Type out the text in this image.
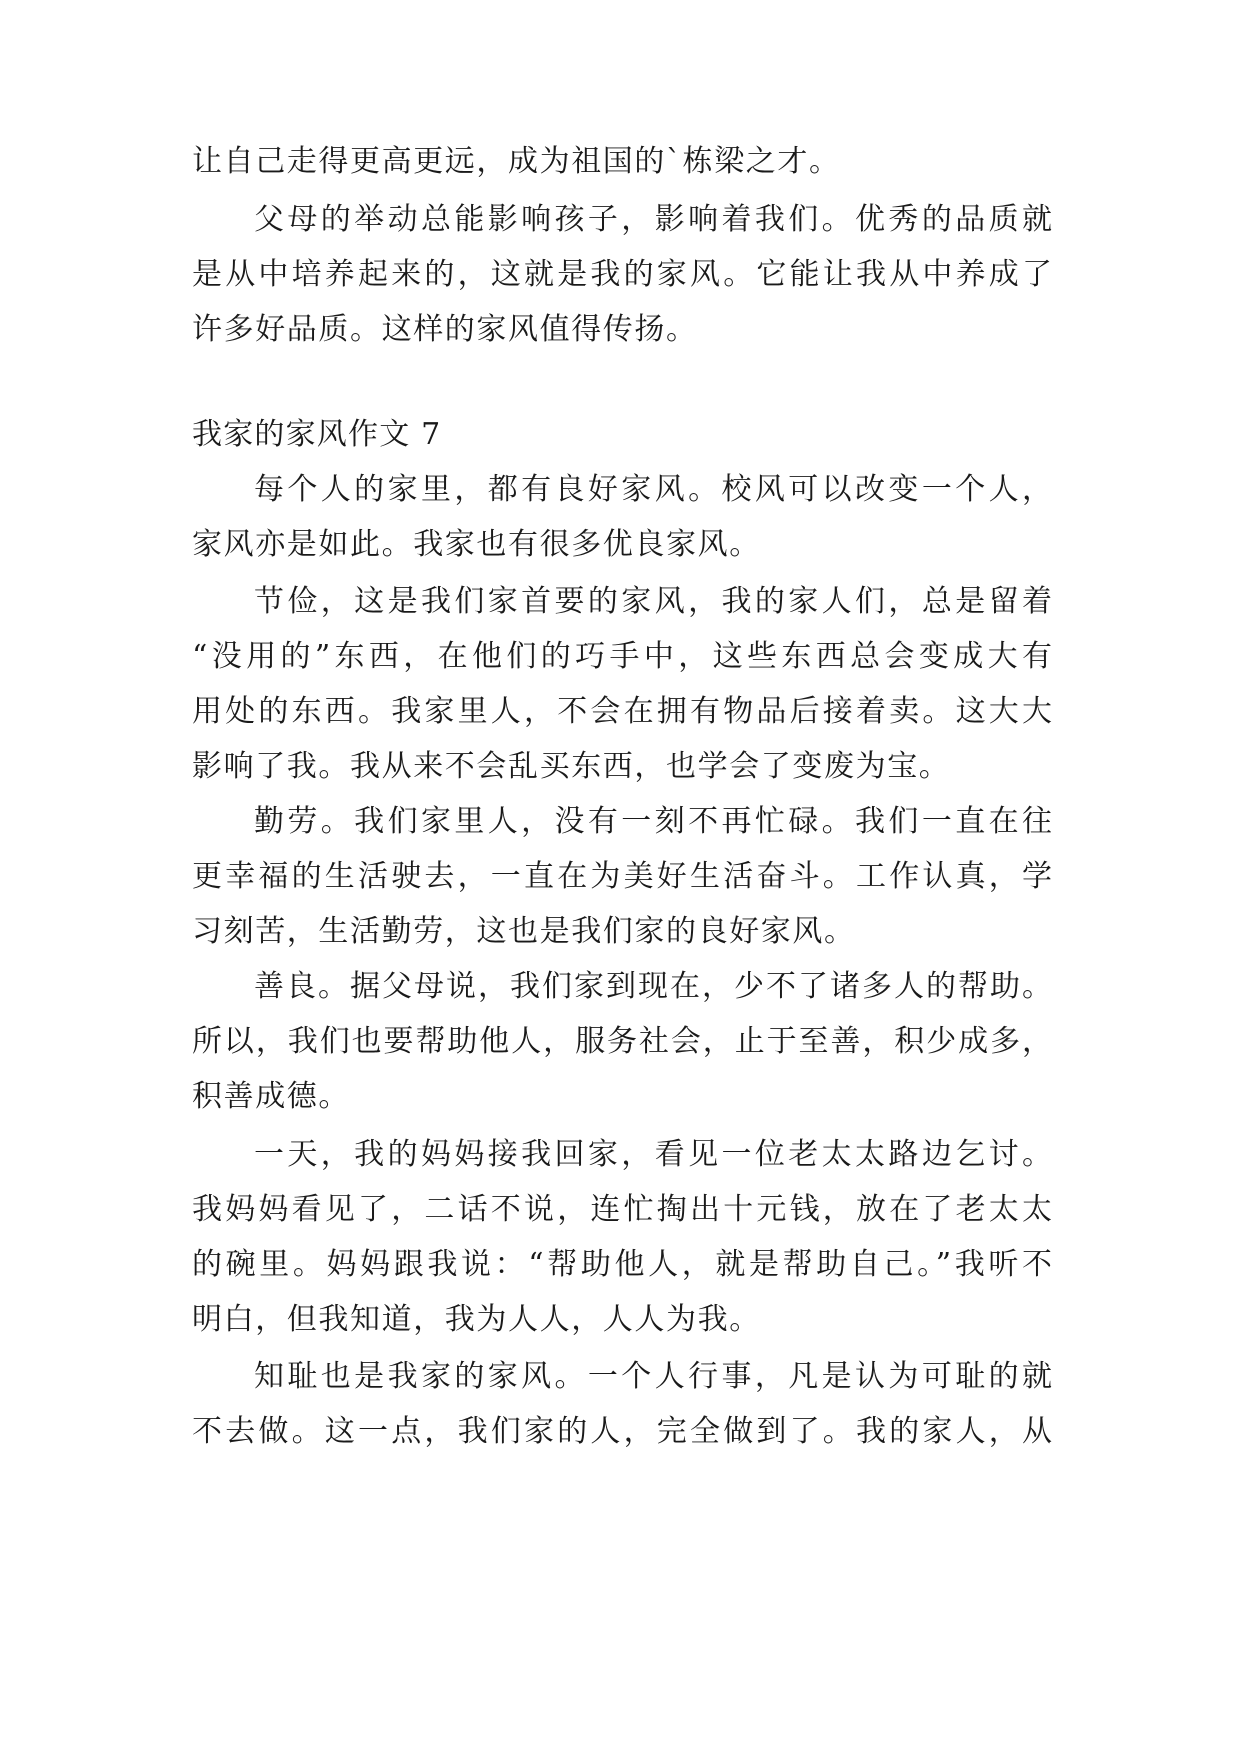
让自己走得更高更远，成为祖国的`栋梁之才。

父母的举动总能影响孩子，影响着我们。优秀的品质就

是从中培养起来的，这就是我的家风。它能让我从中养成了

许多好品质。这样的家风值得传扬。

我家的家风作文 7

每个人的家里，都有良好家风。校风可以改变一个人，

家风亦是如此。我家也有很多优良家风。

节俭，这是我们家首要的家风，我的家人们，总是留着

“没用的”东西，在他们的巧手中，这些东西总会变成大有

用处的东西。我家里人，不会在拥有物品后接着卖。这大大

影响了我。我从来不会乱买东西，也学会了变废为宝。

勤劳。我们家里人，没有一刻不再忙碌。我们一直在往

更幸福的生活驶去，一直在为美好生活奋斗。工作认真，学

习刻苦，生活勤劳，这也是我们家的良好家风。

善良。据父母说，我们家到现在，少不了诸多人的帮助。

所以，我们也要帮助他人，服务社会，止于至善，积少成多，

积善成德。

一天，我的妈妈接我回家，看见一位老太太路边乞讨。

我妈妈看见了，二话不说，连忙掏出十元钱，放在了老太太

的碗里。妈妈跟我说：“帮助他人，就是帮助自己。”我听不

明白，但我知道，我为人人，人人为我。

知耻也是我家的家风。一个人行事，凡是认为可耻的就

不去做。这一点，我们家的人，完全做到了。我的家人，从
